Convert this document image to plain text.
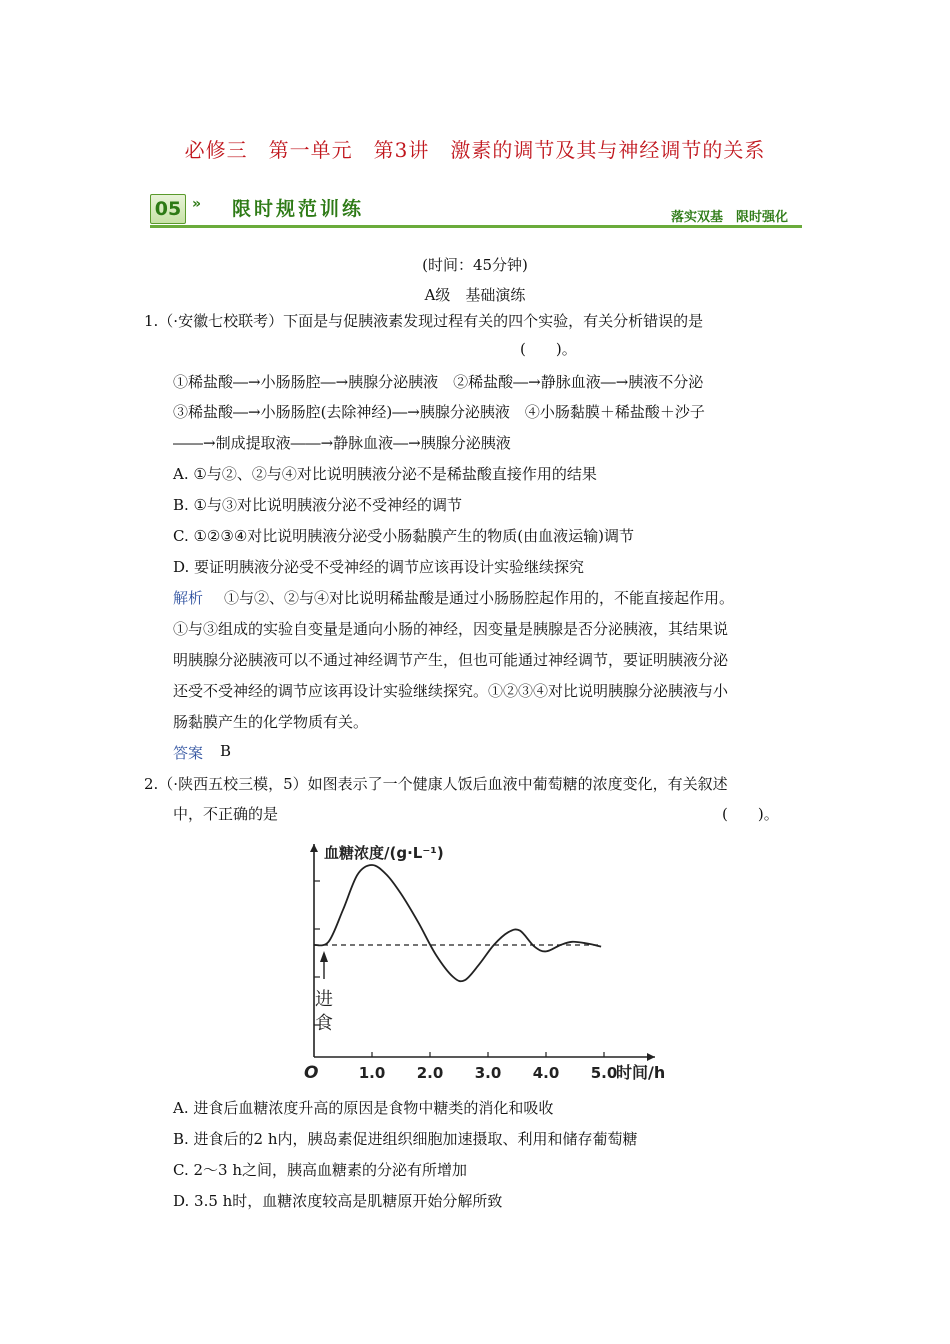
必修三　第一单元　第3讲　激素的调节及其与神经调节的关系
05 » 限时规范训练	落实双基　限时强化
(时间：45分钟)
A级　基础演练
1.（·安徽七校联考）下面是与促胰液素发现过程有关的四个实验，有关分析错误的是
(　　)。
①稀盐酸―→小肠肠腔―→胰腺分泌胰液　②稀盐酸―→静脉血液―→胰液不分泌
③稀盐酸―→小肠肠腔(去除神经)―→胰腺分泌胰液　④小肠黏膜＋稀盐酸＋沙子
――→制成提取液――→静脉血液―→胰腺分泌胰液
A. ①与②、②与④对比说明胰液分泌不是稀盐酸直接作用的结果
B. ①与③对比说明胰液分泌不受神经的调节
C. ①②③④对比说明胰液分泌受小肠黏膜产生的物质(由血液运输)调节
D. 要证明胰液分泌受不受神经的调节应该再设计实验继续探究
解析 ①与②、②与④对比说明稀盐酸是通过小肠肠腔起作用的，不能直接起作用。
①与③组成的实验自变量是通向小肠的神经，因变量是胰腺是否分泌胰液，其结果说
明胰腺分泌胰液可以不通过神经调节产生，但也可能通过神经调节，要证明胰液分泌
还受不受神经的调节应该再设计实验继续探究。①②③④对比说明胰腺分泌胰液与小
肠黏膜产生的化学物质有关。
答案 B
2.（·陕西五校三模，5）如图表示了一个健康人饭后血液中葡萄糖的浓度变化，有关叙述
中，不正确的是	(　　)。
1.0 2.0 3.0 4.0 5.0
血糖浓度/(g·L⁻¹)
时间/h
O
进
食
A. 进食后血糖浓度升高的原因是食物中糖类的消化和吸收
B. 进食后的2 h内，胰岛素促进组织细胞加速摄取、利用和储存葡萄糖
C. 2～3 h之间，胰高血糖素的分泌有所增加
D. 3.5 h时，血糖浓度较高是肌糖原开始分解所致
